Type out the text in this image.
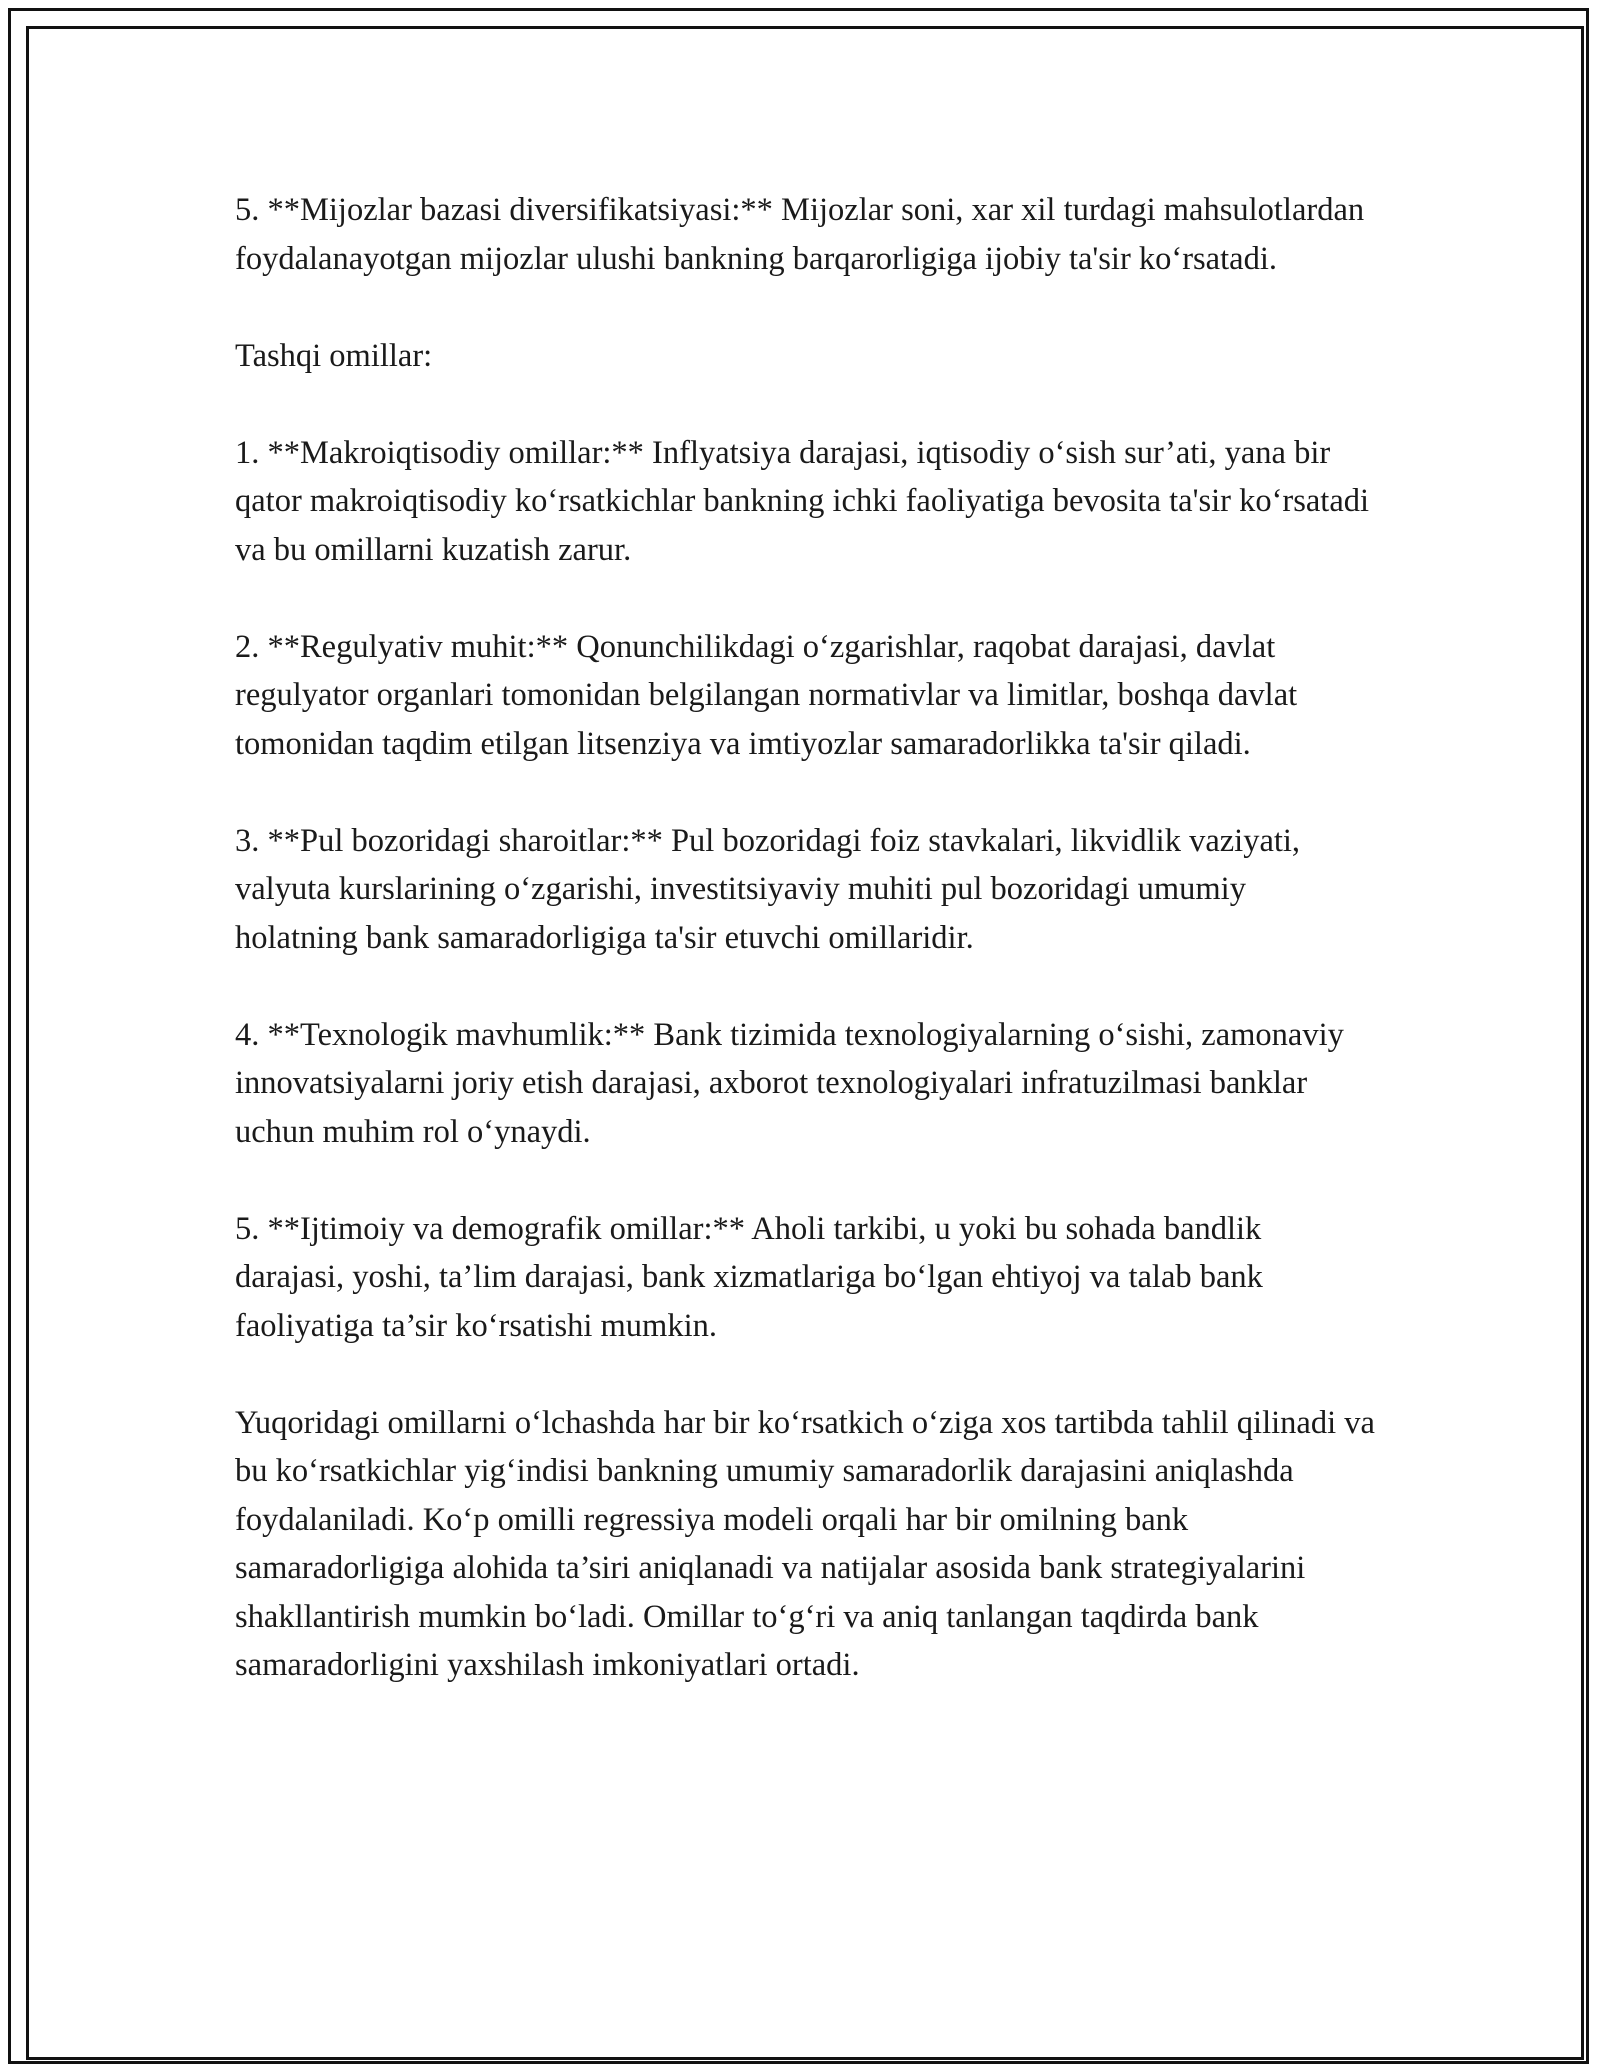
5. **Mijozlar bazasi diversifikatsiyasi:** Mijozlar soni, xar xil turdagi mahsulotlardan foydalanayotgan mijozlar ulushi bankning barqarorligiga ijobiy ta'sir ko‘rsatadi.

Tashqi omillar:

1. **Makroiqtisodiy omillar:** Inflyatsiya darajasi, iqtisodiy o‘sish sur’ati, yana bir qator makroiqtisodiy ko‘rsatkichlar bankning ichki faoliyatiga bevosita ta'sir ko‘rsatadi va bu omillarni kuzatish zarur.

2. **Regulyativ muhit:** Qonunchilikdagi o‘zgarishlar, raqobat darajasi, davlat regulyator organlari tomonidan belgilangan normativlar va limitlar, boshqa davlat tomonidan taqdim etilgan litsenziya va imtiyozlar samaradorlikka ta'sir qiladi.

3. **Pul bozoridagi sharoitlar:** Pul bozoridagi foiz stavkalari, likvidlik vaziyati, valyuta kurslarining o‘zgarishi, investitsiyaviy muhiti pul bozoridagi umumiy holatning bank samaradorligiga ta'sir etuvchi omillaridir.

4. **Texnologik mavhumlik:** Bank tizimida texnologiyalarning o‘sishi, zamonaviy innovatsiyalarni joriy etish darajasi, axborot texnologiyalari infratuzilmasi banklar uchun muhim rol o‘ynaydi.

5. **Ijtimoiy va demografik omillar:** Aholi tarkibi, u yoki bu sohada bandlik darajasi, yoshi, ta’lim darajasi, bank xizmatlariga bo‘lgan ehtiyoj va talab bank faoliyatiga ta’sir ko‘rsatishi mumkin.

Yuqoridagi omillarni o‘lchashda har bir ko‘rsatkich o‘ziga xos tartibda tahlil qilinadi va bu ko‘rsatkichlar yig‘indisi bankning umumiy samaradorlik darajasini aniqlashda foydalaniladi. Ko‘p omilli regressiya modeli orqali har bir omilning bank samaradorligiga alohida ta’siri aniqlanadi va natijalar asosida bank strategiyalarini shakllantirish mumkin bo‘ladi. Omillar to‘g‘ri va aniq tanlangan taqdirda bank samaradorligini yaxshilash imkoniyatlari ortadi.
